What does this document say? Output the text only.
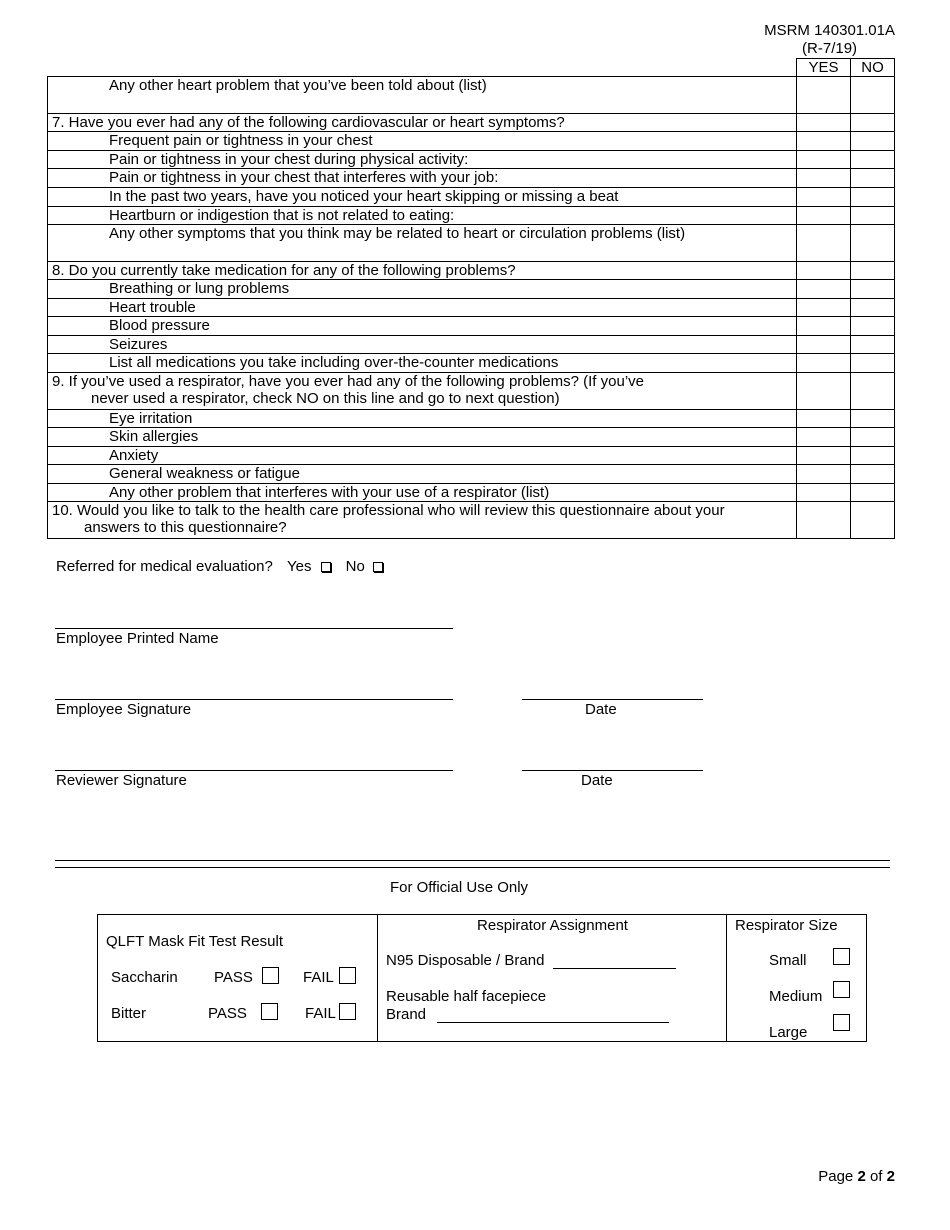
MSRM 140301.01A
(R-7/19)
	YES	NO
Any other heart problem that you’ve been told about (list)		
7. Have you ever had any of the following cardiovascular or heart symptoms?		
Frequent pain or tightness in your chest		
Pain or tightness in your chest during physical activity:		
Pain or tightness in your chest that interferes with your job:		
In the past two years, have you noticed your heart skipping or missing a beat		
Heartburn or indigestion that is not related to eating:		
Any other symptoms that you think may be related to heart or circulation problems (list)		
8. Do you currently take medication for any of the following problems?		
Breathing or lung problems		
Heart trouble		
Blood pressure		
Seizures		
List all medications you take including over-the-counter medications		

9. If you’ve used a respirator, have you ever had any of the following problems? (If you’ve
never used a respirator, check NO on this line and go to next question)		

Eye irritation		
Skin allergies		
Anxiety		
General weakness or fatigue		
Any other problem that interferes with your use of a respirator (list)		

10. Would you like to talk to the health care professional who will review this questionnaire about your
answers to this questionnaire?		

Referred for medical evaluation? Yes No
Employee Printed Name
Employee Signature	Date
Reviewer Signature	Date
For Official Use Only
QLFT Mask Fit Test Result
Saccharin PASS	FAIL
Bitter	PASS	FAIL
Respirator Assignment
N95 Disposable / Brand
Reusable half facepiece
Brand
Respirator Size
Small
Medium
Large
Page 2 of 2
